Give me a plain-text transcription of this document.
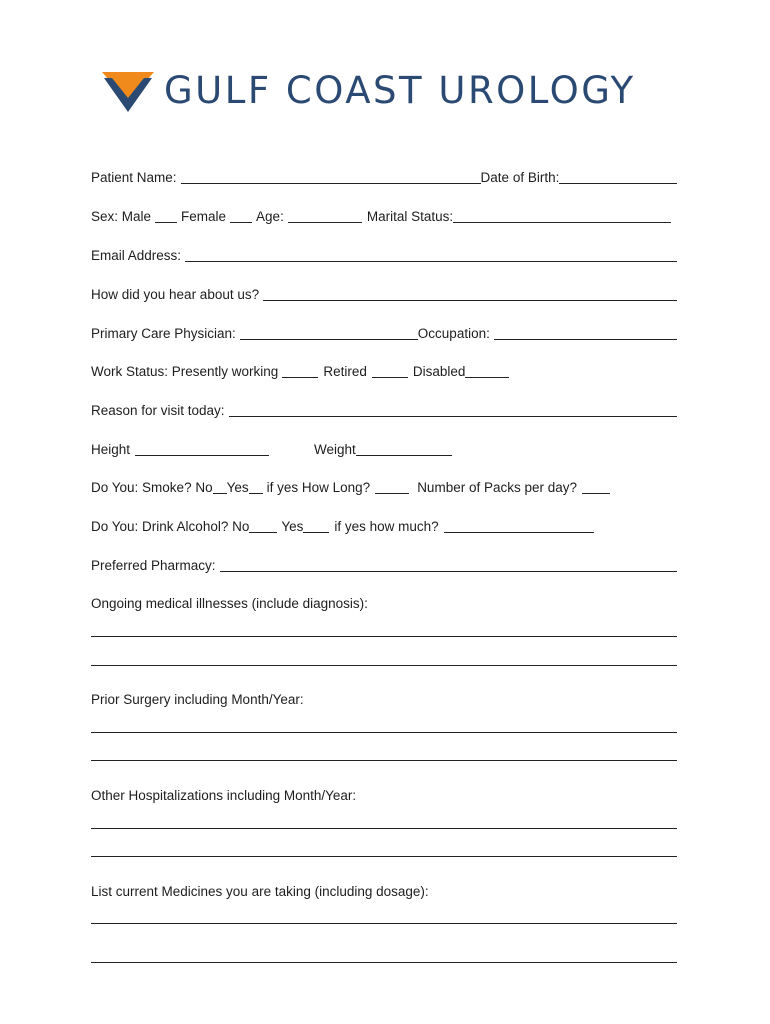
GULF COAST UROLOGY
Patient Name:	Date of Birth:
Sex: Male Female Age:	Marital Status:
Email Address:
How did you hear about us?
Primary Care Physician:	Occupation:
Work Status: Presently working	Retired	Disabled
Reason for visit today:
Height	Weight
Do You: Smoke? No Yes if yes How Long?	Number of Packs per day?
Do You: Drink Alcohol? No Yes if yes how much?
Preferred Pharmacy:
Ongoing medical illnesses (include diagnosis):
Prior Surgery including Month/Year:
Other Hospitalizations including Month/Year:
List current Medicines you are taking (including dosage):
